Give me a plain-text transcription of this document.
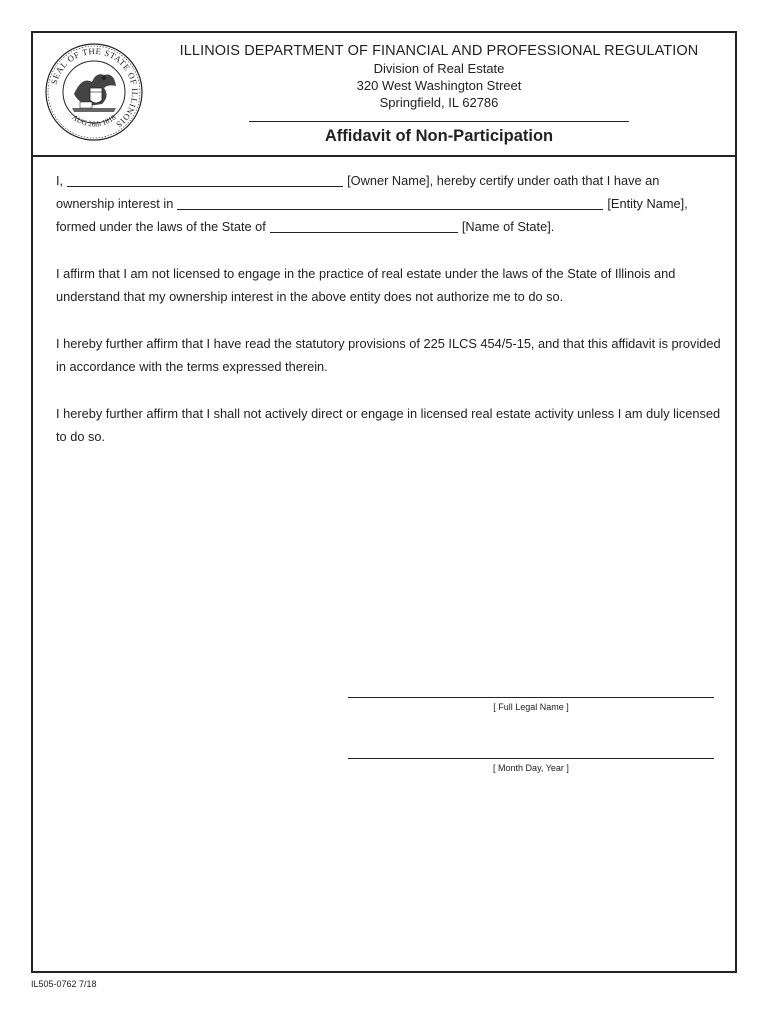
SEAL OF THE STATE OF ILLINOIS
AUG 26th 1818
ILLINOIS DEPARTMENT OF FINANCIAL AND PROFESSIONAL REGULATION
Division of Real Estate
320 West Washington Street
Springfield, IL 62786
Affidavit of Non-Participation
I,	[Owner Name], hereby certify under oath that I have an
ownership interest in	[Entity Name],
formed under the laws of the State of	[Name of State].
I affirm that I am not licensed to engage in the practice of real estate under the laws of the State of Illinois and understand that my ownership interest in the above entity does not authorize me to do so.
I hereby further affirm that I have read the statutory provisions of 225 ILCS 454/5-15, and that this affidavit is provided in accordance with the terms expressed therein.
I hereby further affirm that I shall not actively direct or engage in licensed real estate activity unless I am duly licensed to do so.
[ Full Legal Name ]
[ Month Day, Year ]
IL505-0762 7/18
